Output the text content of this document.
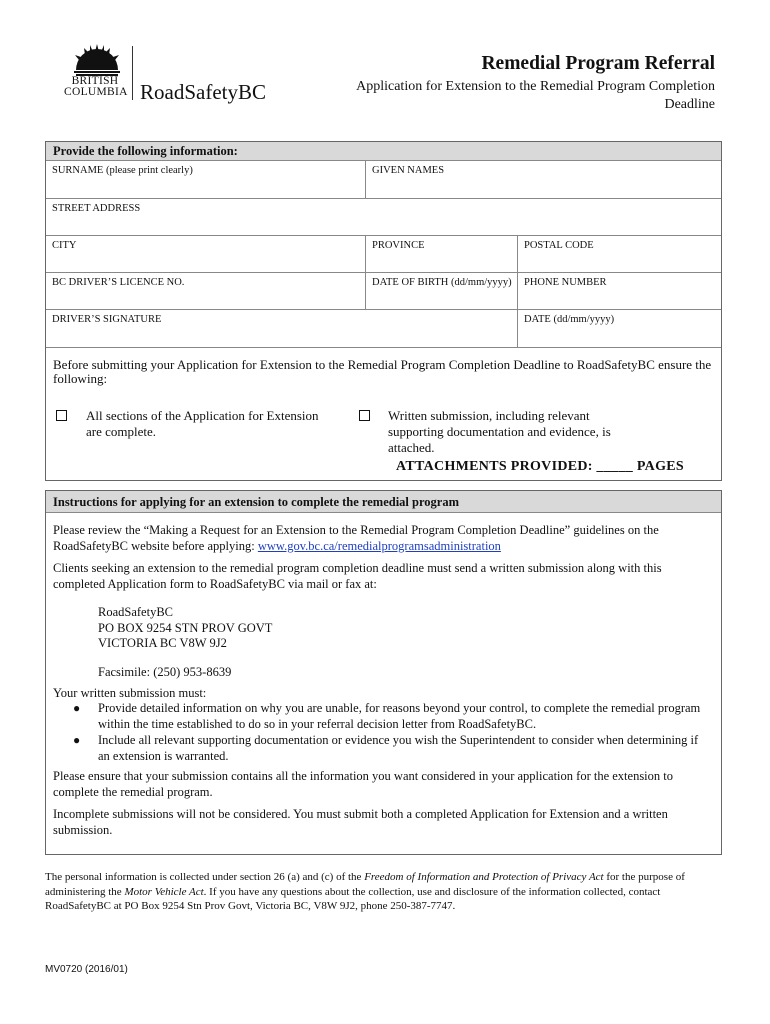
BRITISH
COLUMBIA RoadSafetyBC
Remedial Program Referral
Application for Extension to the Remedial Program Completion Deadline
Provide the following information:
SURNAME (please print clearly)	GIVEN NAMES
STREET ADDRESS
CITY	PROVINCE	POSTAL CODE
BC DRIVER’S LICENCE NO.	DATE OF BIRTH (dd/mm/yyyy)	PHONE NUMBER
DRIVER’S SIGNATURE	DATE (dd/mm/yyyy)
Before submitting your Application for Extension to the Remedial Program Completion Deadline to RoadSafetyBC ensure the following:
All sections of the Application for Extension are complete.
Written submission, including relevant supporting documentation and evidence, is attached.
ATTACHMENTS PROVIDED: _____ PAGES
Instructions for applying for an extension to complete the remedial program
Please review the “Making a Request for an Extension to the Remedial Program Completion Deadline” guidelines on the RoadSafetyBC website before applying: www.gov.bc.ca/remedialprogramsadministration
Clients seeking an extension to the remedial program completion deadline must send a written submission along with this completed Application form to RoadSafetyBC via mail or fax at:
RoadSafetyBC
PO BOX 9254 STN PROV GOVT
VICTORIA BC V8W 9J2
Facsimile: (250) 953-8639
Your written submission must:
● Provide detailed information on why you are unable, for reasons beyond your control, to complete the remedial program within the time established to do so in your referral decision letter from RoadSafetyBC.
● Include all relevant supporting documentation or evidence you wish the Superintendent to consider when determining if an extension is warranted.
Please ensure that your submission contains all the information you want considered in your application for the extension to complete the remedial program.
Incomplete submissions will not be considered. You must submit both a completed Application for Extension and a written submission.
The personal information is collected under section 26 (a) and (c) of the Freedom of Information and Protection of Privacy Act for the purpose of administering the Motor Vehicle Act. If you have any questions about the collection, use and disclosure of the information collected, contact RoadSafetyBC at PO Box 9254 Stn Prov Govt, Victoria BC, V8W 9J2, phone 250-387-7747.
MV0720 (2016/01)
